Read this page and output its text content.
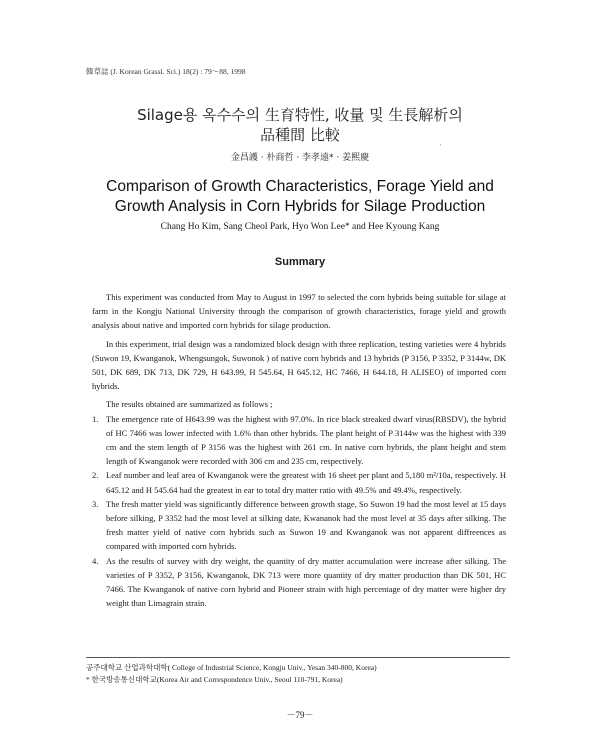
韓草誌 (J. Korean Grassl. Sci.) 18(2) : 79～88, 1998
Silage용 옥수수의 生育特性, 收量 및 生長解析의
品種間 比較
金昌護 · 朴商哲 · 李孝遠* · 姜熙慶
'
Comparison of Growth Characteristics, Forage Yield and
Growth Analysis in Corn Hybrids for Silage Production
Chang Ho Kim, Sang Cheol Park, Hyo Won Lee* and Hee Kyoung Kang
Summary

This experiment was conducted from May to August in 1997 to selected the corn hybrids being suitable for silage at farm in the Kongju National University through the comparison of growth characteristics, forage yield and growth analysis about native and imported corn hybrids for silage production.

In this experiment, trial design was a randomized block design with three replication, testing varieties were 4 hybrids (Suwon 19, Kwanganok, Whengsungok, Suwonok ) of native corn hybrids and 13 hybrids (P 3156, P 3352, P 3144w, DK 501, DK 689, DK 713, DK 729, H 643.99, H 545.64, H 645.12, HC 7466, H 644.18, H ALISEO) of imported corn hybrids.

The results obtained are summarized as follows ;

1. The emergence rate of H643.99 was the highest with 97.0%. In rice black streaked dwarf virus(RBSDV), the hybrid of HC 7466 was lower infected with 1.6% than other hybrids. The plant height of P 3144w was the highest with 339 cm and the stem length of P 3156 was the highest with 261 cm. In native corn hybrids, the plant height and stem length of Kwanganok were recorded with 306 cm and 235 cm, respectively.
2. Leaf number and leaf area of Kwanganok were the greatest with 16 sheet per plant and 5,180 m²/10a, respectively. H 645.12 and H 545.64 had the greatest in ear to total dry matter ratio with 49.5% and 49.4%, respectively.
3. The fresh matter yield was significantly difference between growth stage, So Suwon 19 had the most level at 15 days before silking, P 3352 had the most level at silking date, Kwananok had the most level at 35 days after silking. The fresh matter yield of native corn hybrids such as Suwon 19 and Kwanganok was not apparent diffreences as compared with imported corn hybrids.
4. As the results of survey with dry weight, the quantity of dry matter accumulation were increase after silking. The varieties of P 3352, P 3156, Kwanganok, DK 713 were more quantity of dry matter production than DK 501, HC 7466. The Kwanganok of native corn hybrid and Pioneer strain with high percentage of dry matter were higher dry weight than Limagrain strain.
공주대학교 산업과학대학( College of Industrial Science, Kongju Univ., Yesan 340-800, Korea)
* 한국방송통신대학교(Korea Air and Correspondence Univ., Seoul 110-791, Korea)
－79－
